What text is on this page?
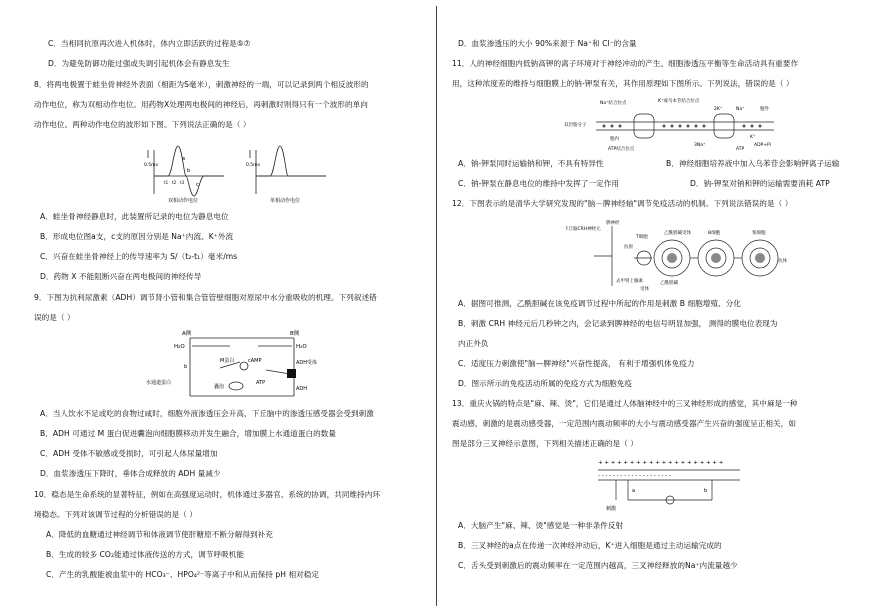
C．当相同抗原再次进入机体时，体内立即活跃的过程是⑤⑦
D．为避免防御功能过强或失调引起机体会有静息发生
8．将两电极置于蛙坐骨神经外表面（相距为S毫米），刺激神经的一端，可以记录到两个相反波形的
动作电位，称为双相动作电位。用药物X处理两电极间的神经后，再刺激时则得只有一个波形的单向
动作电位。两种动作电位的波形如下图。下列说法正确的是（ ）
0.5mv	0.5mv
a
b
c
t1 t2 t3
双相动作电位	单相动作电位
A．蛙坐骨神经静息时，此装置所记录的电位为静息电位
B．形成电位图a支，c支的原因分别是 Na⁺内流、K⁺外流
C．兴奋在蛙坐骨神经上的传导速率为 S/（t₂-t₁）毫米/ms
D．药物 X 不能阻断兴奋在两电极间的神经传导
9．下图为抗利尿激素（ADH）调节肾小管和集合管管壁细胞对原尿中水分重吸收的机理。下列叙述错
误的是（ ）
A侧	B侧
H₂O	H₂O
M蛋白	cAMP	ADH受体
b
水通道蛋白
囊泡
ATP
ADH
A．当人饮水不足或吃的食物过咸时，细胞外液渗透压会升高，下丘脑中的渗透压感受器会受到刺激
B．ADH 可通过 M 蛋白促进囊泡向细胞膜移动并发生融合，增加膜上水通道蛋白的数量
C．ADH 受体不敏感或受损时，可引起人体尿量增加
D．血浆渗透压下降时，垂体合成释放的 ADH 量减少
10．稳态是生命系统的显著特征，例如在高强度运动时，机体通过多器官、系统的协调，共同维持内环
境稳态。下列对该调节过程的分析错误的是（ ）
A．降低的血糖通过神经调节和体液调节使肝糖原不断分解得到补充
B．生成的较多 CO₂能通过体液传送的方式，调节呼吸机能
C．产生的乳酸能被血浆中的 HCO₃⁻、HPO₄²⁻等离子中和从而保持 pH 相对稳定
D．血浆渗透压的大小 90%来源于 Na⁺和 Cl⁻的含量
11．人的神经细胞内低钠高钾的离子环境对于神经冲动的产生、细胞渗透压平衡等生命活动具有重要作
用，这种浓度差的维持与细胞膜上的钠-钾泵有关，其作用原理如下图所示。下列说法，错误的是（ ）
Na⁺结合位点	K⁺或乌本苷结合位点
双层脂分子
胞内
ATP结合位点
2K⁺
3Na⁺
Na⁺
K⁺
胞外
ADP+Pi
ATP
A．钠-钾泵同时运输钠和钾，不具有特异性	B．神经细胞培养液中加入乌苯苷会影响钾离子运输
C．钠-钾泵在静息电位的维持中发挥了一定作用	D．钠-钾泵对钠和钾的运输需要消耗 ATP
12．下图表示的是清华大学研究发现的"脑－脾神经轴"调节免疫活动的机制。下列说法错误的是（ ）
下丘脑CRH神经元
脾神经
T细胞
抗原
乙酰胆碱受体	B细胞	浆细胞
去甲肾上腺素	乙酰胆碱
受体
抗体
A．据图可推测，乙酰胆碱在该免疫调节过程中所起的作用是刺激 B 细胞增殖、分化
B．刺激 CRH 神经元后几秒钟之内，会记录到脾神经的电信号明显加强， 测得的膜电位表现为
内正外负
C．适度压力刺激使"脑—脾神经"兴奋性提高， 有利于增强机体免疫力
D．图示所示的免疫活动所属的免疫方式为细胞免疫
13．重庆火锅的特点是"麻、辣、烫"，它们是通过人体脑神经中的三叉神经形成的感觉，其中麻是一种
震动感，刺激的是震动感受器，一定范围内震动频率的大小与震动感受器产生兴奋的强度呈正相关，如
图是部分三叉神经示意图，下列相关描述正确的是（ ）
+ + + + + + + + + + + + + + + + + + + +
- - - - - - - - - - - - - - - - - - - -
a	b
刺激
A．大脑产生"麻、辣、烫"感觉是一种非条件反射
B．三叉神经的a点在传递一次神经冲动后，K⁺进入细胞是通过主动运输完成的
C．舌头受到刺激后的震动频率在一定范围内越高，三叉神经释放的Na⁺内流量越少
